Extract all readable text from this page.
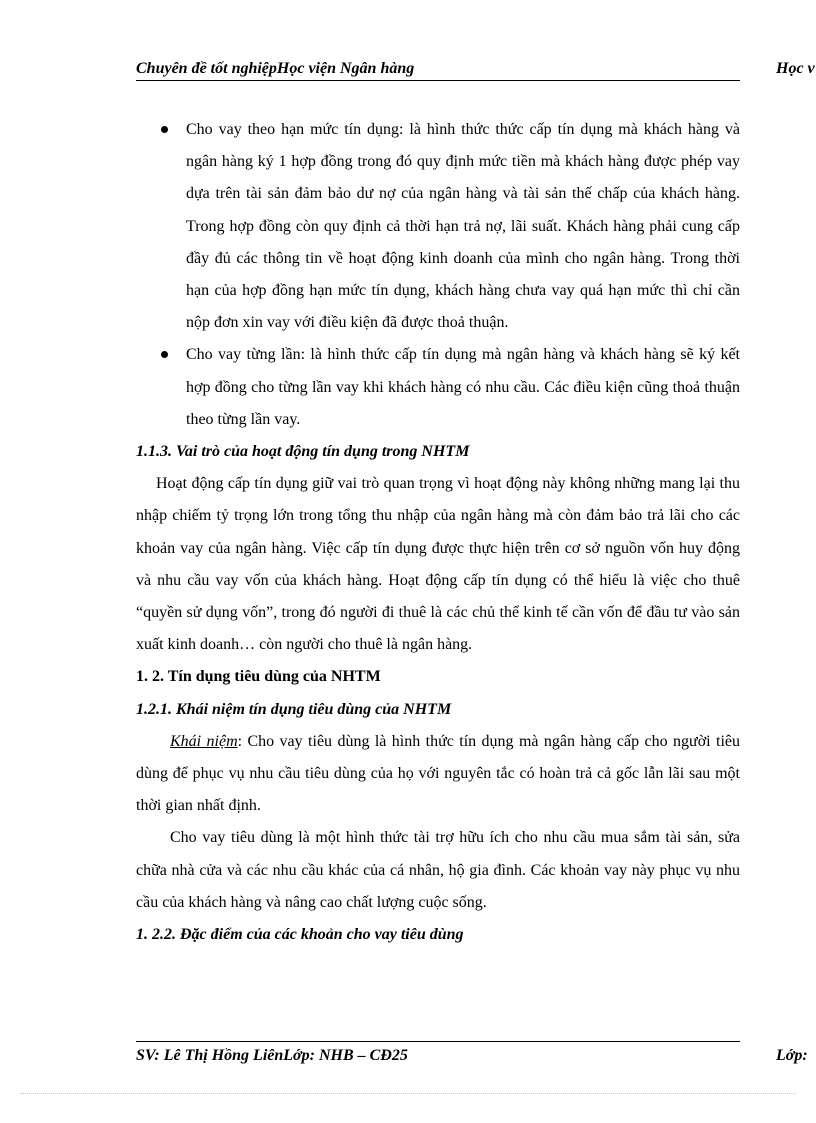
Chuyên đề tốt nghiệpHọc viện Ngân hàng	Học v
Cho vay theo hạn mức tín dụng: là hình thức thức cấp tín dụng mà khách hàng và ngân hàng ký 1 hợp đồng trong đó quy định mức tiền mà khách hàng được phép vay dựa trên tài sản đảm bảo dư nợ của ngân hàng và tài sản thế chấp của khách hàng. Trong hợp đồng còn quy định cả thời hạn trả nợ, lãi suất. Khách hàng phải cung cấp đầy đủ các thông tin về hoạt động kinh doanh của mình cho ngân hàng. Trong thời hạn của hợp đồng hạn mức tín dụng, khách hàng chưa vay quá hạn mức thì chỉ cần nộp đơn xin vay với điều kiện đã được thoả thuận.
Cho vay từng lần: là hình thức cấp tín dụng mà ngân hàng và khách hàng sẽ ký kết hợp đồng cho từng lần vay khi khách hàng có nhu cầu. Các điều kiện cũng thoả thuận theo từng lần vay.

1.1.3. Vai trò của hoạt động tín dụng trong NHTM

Hoạt động cấp tín dụng giữ vai trò quan trọng vì hoạt động này không những mang lại thu nhập chiếm tỷ trọng lớn trong tổng thu nhập của ngân hàng mà còn đảm bảo trả lãi cho các khoản vay của ngân hàng. Việc cấp tín dụng được thực hiện trên cơ sở nguồn vốn huy động và nhu cầu vay vốn của khách hàng. Hoạt động cấp tín dụng có thể hiểu là việc cho thuê “quyền sử dụng vốn”, trong đó người đi thuê là các chủ thể kinh tế cần vốn để đầu tư vào sản xuất kinh doanh… còn người cho thuê là ngân hàng.

1. 2. Tín dụng tiêu dùng của NHTM

1.2.1. Khái niệm tín dụng tiêu dùng của NHTM

Khái niệm: Cho vay tiêu dùng là hình thức tín dụng mà ngân hàng cấp cho người tiêu dùng để phục vụ nhu cầu tiêu dùng của họ với nguyên tắc có hoàn trả cả gốc lẫn lãi sau một thời gian nhất định.

Cho vay tiêu dùng là một hình thức tài trợ hữu ích cho nhu cầu mua sắm tài sản, sửa chữa nhà cửa và các nhu cầu khác của cá nhân, hộ gia đình. Các khoản vay này phục vụ nhu cầu của khách hàng và nâng cao chất lượng cuộc sống.

1. 2.2. Đặc điểm của các khoản cho vay tiêu dùng

SV: Lê Thị Hồng LiênLớp: NHB – CĐ25	Lớp:
